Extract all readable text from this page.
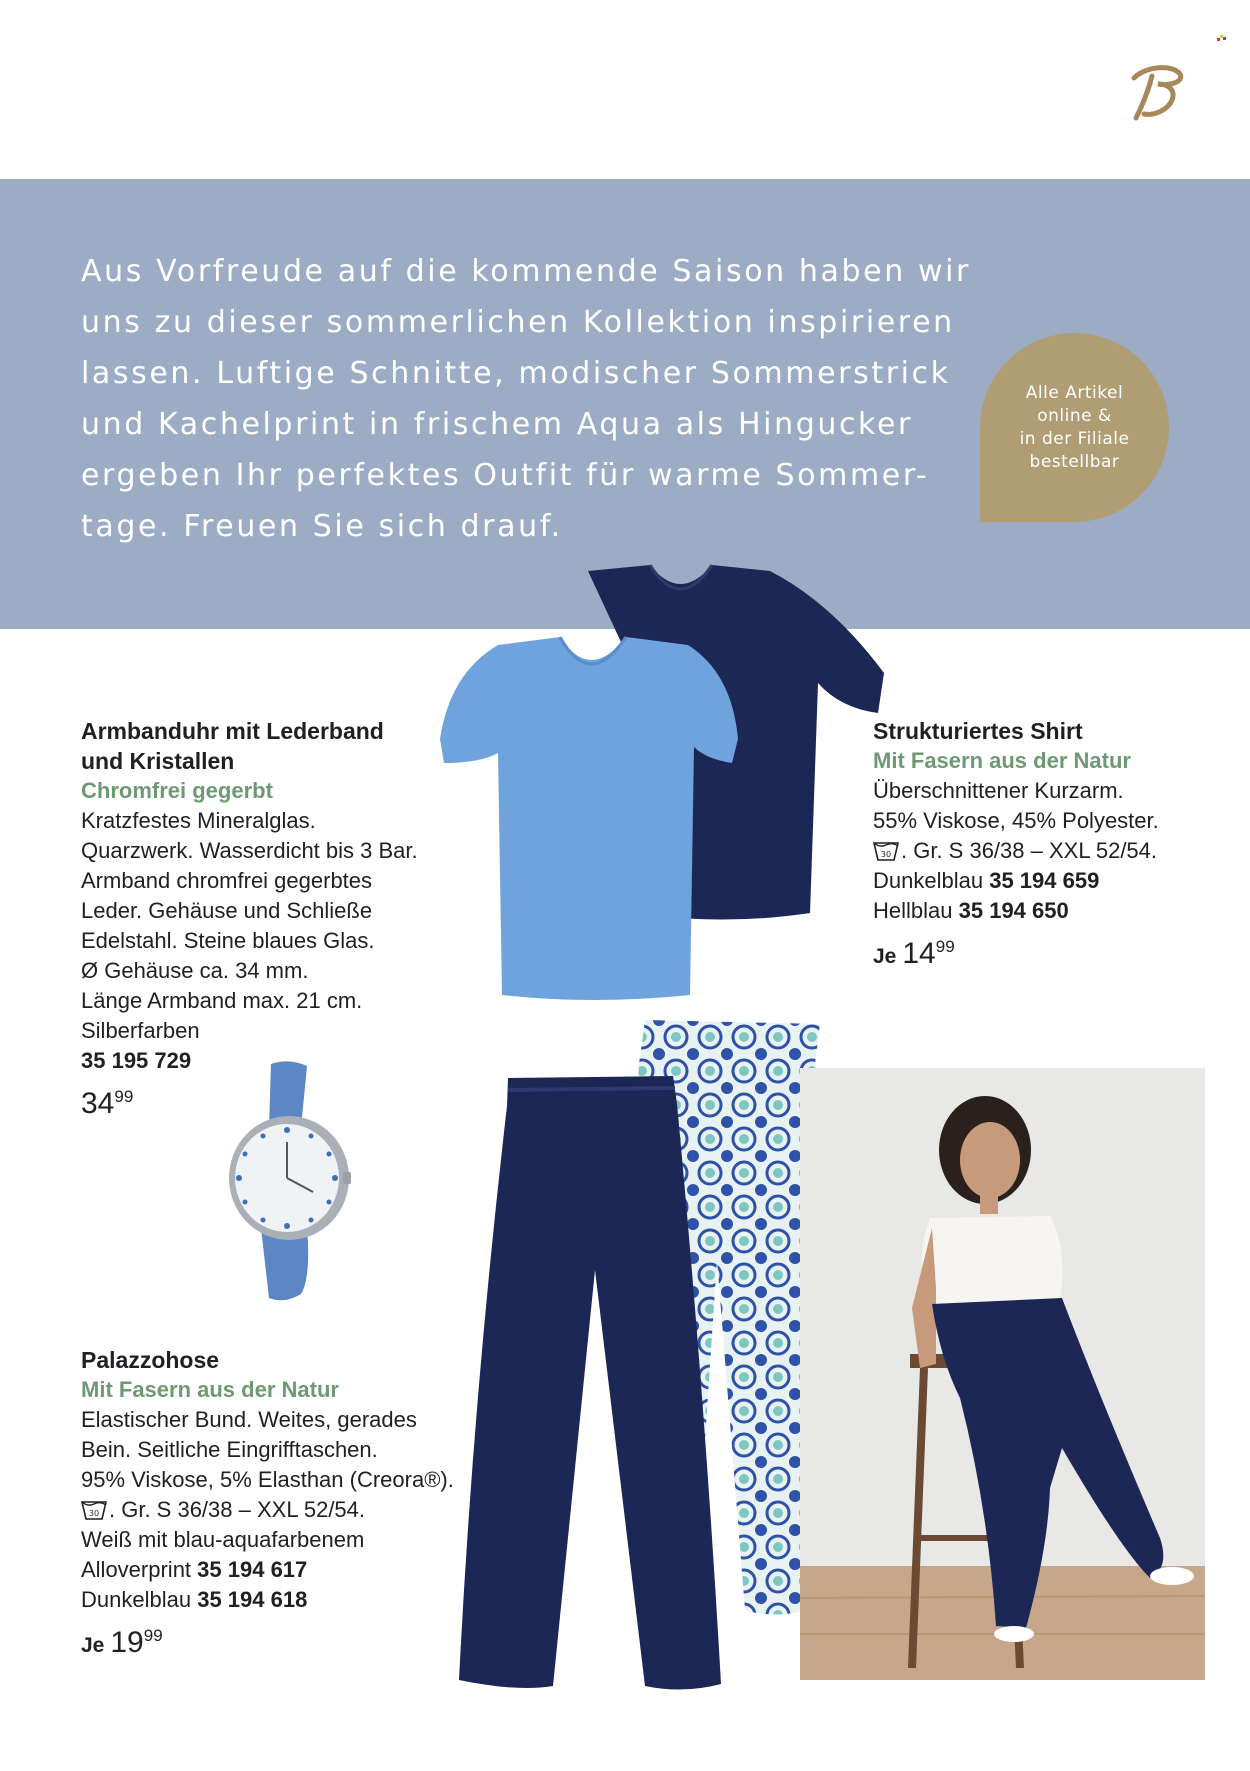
Aus Vorfreude auf die kommende Saison haben wir
uns zu dieser sommerlichen Kollektion inspirieren
lassen. Luftige Schnitte, modischer Sommerstrick
und Kachelprint in frischem Aqua als Hingucker
ergeben Ihr perfektes Outfit für warme Sommer-
tage. Freuen Sie sich drauf.

Alle Artikel
online &
in der Filiale
bestellbar
Armbanduhr mit Lederband
und Kristallen
Chromfrei gegerbt
Kratzfestes Mineralglas.
Quarzwerk. Wasserdicht bis 3 Bar.
Armband chromfrei gegerbtes
Leder. Gehäuse und Schließe
Edelstahl. Steine blaues Glas.
Ø Gehäuse ca. 34 mm.
Länge Armband max. 21 cm.
Silberfarben
35 195 729
$34^{99}$
Strukturiertes Shirt
Mit Fasern aus der Natur
Überschnittener Kurzarm.
55% Viskose, 45% Polyester.
30 . Gr. S 36/38 – XXL 52/54.
Dunkelblau 35 194 659
Hellblau 35 194 650
Je $14^{99}$
Palazzohose
Mit Fasern aus der Natur
Elastischer Bund. Weites, gerades
Bein. Seitliche Eingrifftaschen.
95% Viskose, 5% Elasthan (Creora®).
30 . Gr. S 36/38 – XXL 52/54.
Weiß mit blau-aquafarbenem
Alloverprint 35 194 617
Dunkelblau 35 194 618
Je $19^{99}$
